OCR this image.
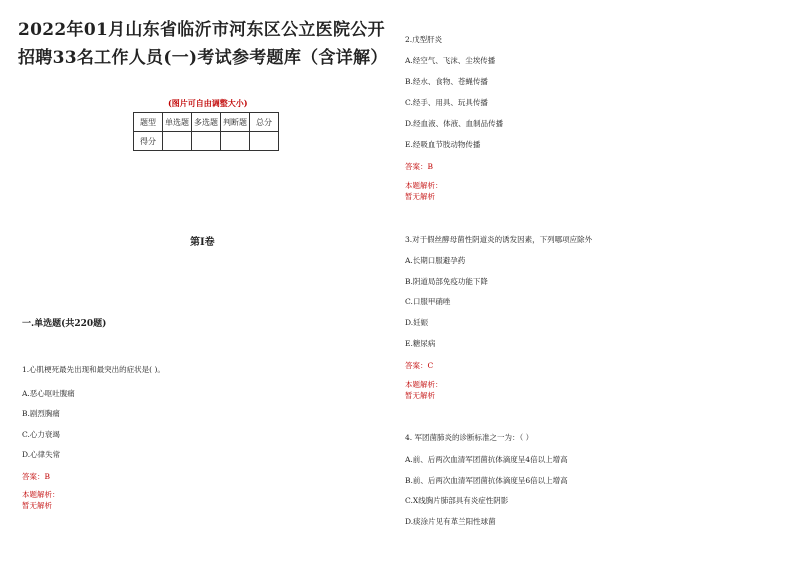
2022年01月山东省临沂市河东区公立医院公开
招聘33名工作人员(一)考试参考题库（含详解）
(图片可自由调整大小)
题型	单选题	多选题	判断题	总分
得分				
第I卷
一.单选题(共220题)
1.心肌梗死最先出现和最突出的症状是( )。
A.恶心呕吐腹痛
B.剧烈胸痛
C.心力衰竭
D.心律失常
答案：B
本题解析：
暂无解析
2.戊型肝炎
A.经空气、飞沫、尘埃传播
B.经水、食物、苍蝇传播
C.经手、用具、玩具传播
D.经血液、体液、血制品传播
E.经吸血节肢动物传播
答案：B
本题解析：
暂无解析
3.对于假丝酵母菌性阴道炎的诱发因素，下列哪项应除外
A.长期口服避孕药
B.阴道局部免疫功能下降
C.口服甲硝唑
D.妊娠
E.糖尿病
答案：C
本题解析：
暂无解析
4. 军团菌肺炎的诊断标准之一为：（ ）
A.前、后两次血清军团菌抗体滴度呈4倍以上增高
B.前、后两次血清军团菌抗体滴度呈6倍以上增高
C.X线胸片肺部具有炎症性阴影
D.痰涂片见有革兰阳性球菌
